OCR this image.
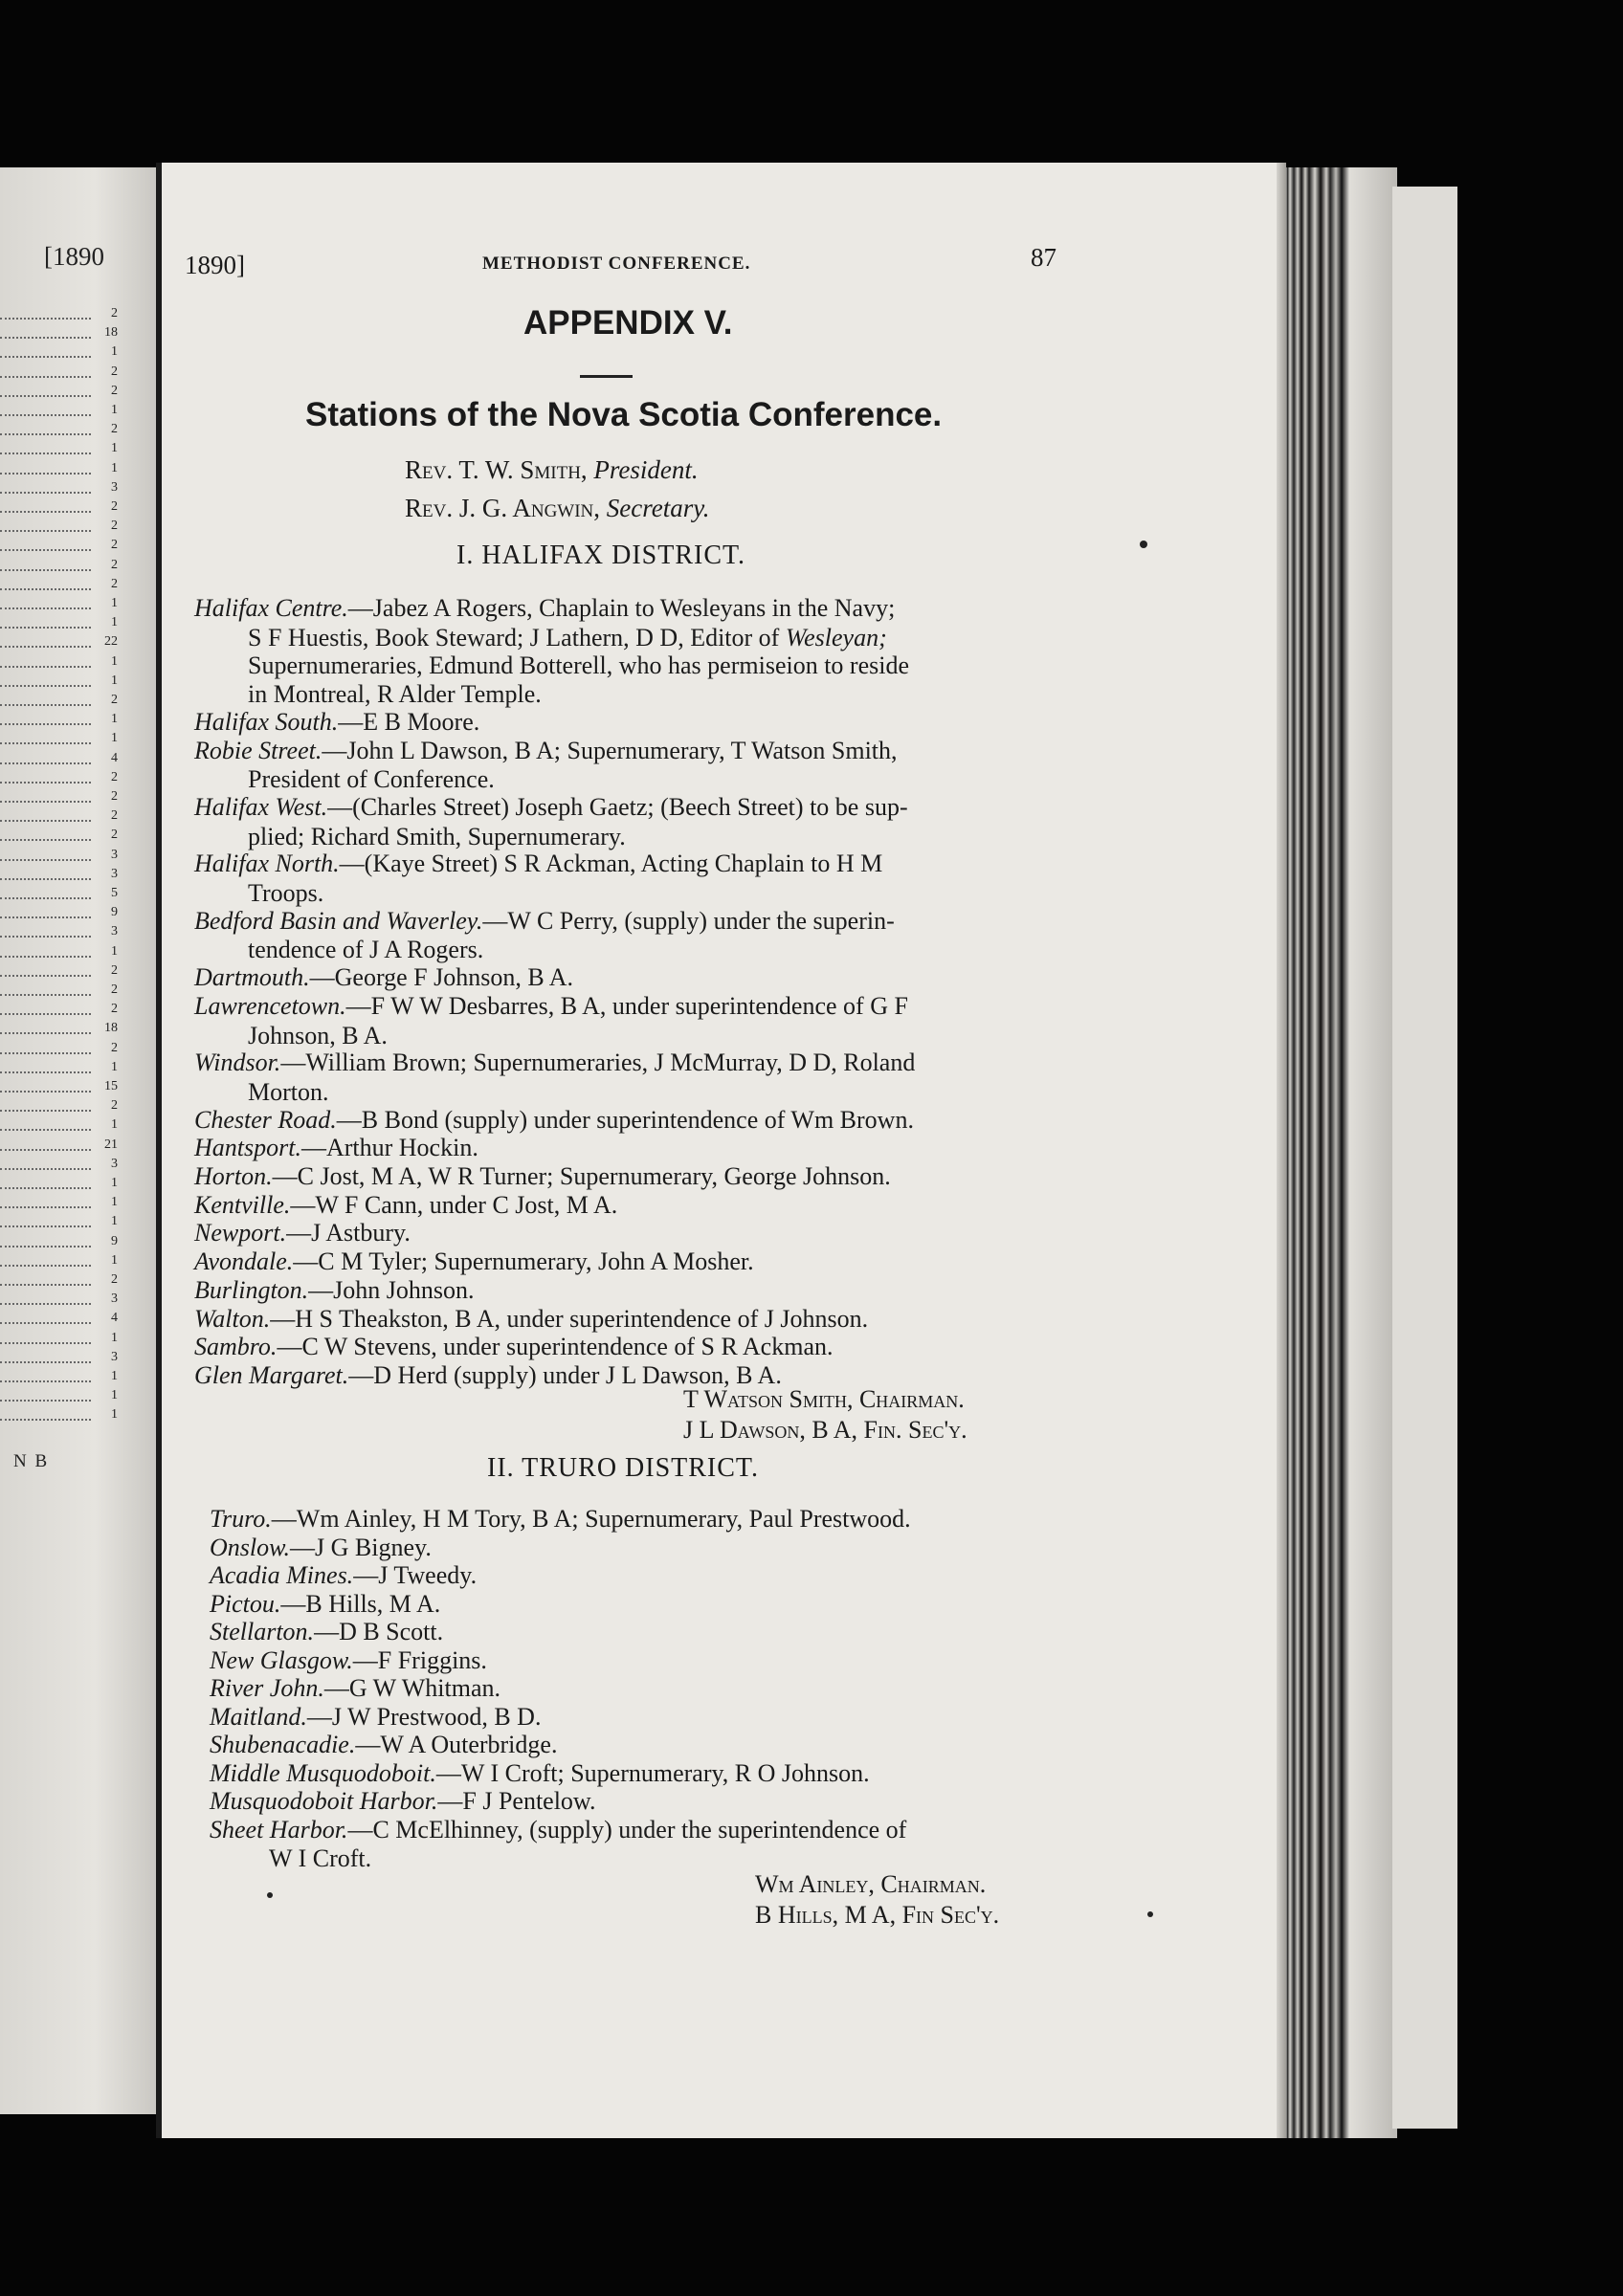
[1890
2
18
1
2
2
1
2
1
1
3
2
2
2
2
2
1
1
22
1
1
2
1
1
4
2
2
2
2
3
3
5
9
3
1
2
2
2
18
2
1
15
2
1
21
3
1
1
1
9
1
2
3
4
1
3
1
1
1
N B
1890]	METHODIST CONFERENCE.	87
APPENDIX V.
Stations of the Nova Scotia Conference.
Rev. T. W. Smith, President.
Rev. J. G. Angwin, Secretary.
I. HALIFAX DISTRICT.
Halifax Centre.—Jabez A Rogers, Chaplain to Wesleyans in the Navy;
S F Huestis, Book Steward; J Lathern, D D, Editor of Wesleyan;
Supernumeraries, Edmund Botterell, who has permiseion to reside
in Montreal, R Alder Temple.
Halifax South.—E B Moore.
Robie Street.—John L Dawson, B A; Supernumerary, T Watson Smith,
President of Conference.
Halifax West.—(Charles Street) Joseph Gaetz; (Beech Street) to be sup-
plied; Richard Smith, Supernumerary.
Halifax North.—(Kaye Street) S R Ackman, Acting Chaplain to H M
Troops.
Bedford Basin and Waverley.—W C Perry, (supply) under the superin-
tendence of J A Rogers.
Dartmouth.—George F Johnson, B A.
Lawrencetown.—F W W Desbarres, B A, under superintendence of G F
Johnson, B A.
Windsor.—William Brown; Supernumeraries, J McMurray, D D, Roland
Morton.
Chester Road.—B Bond (supply) under superintendence of Wm Brown.
Hantsport.—Arthur Hockin.
Horton.—C Jost, M A, W R Turner; Supernumerary, George Johnson.
Kentville.—W F Cann, under C Jost, M A.
Newport.—J Astbury.
Avondale.—C M Tyler; Supernumerary, John A Mosher.
Burlington.—John Johnson.
Walton.—H S Theakston, B A, under superintendence of J Johnson.
Sambro.—C W Stevens, under superintendence of S R Ackman.
Glen Margaret.—D Herd (supply) under J L Dawson, B A.
T Watson Smith, Chairman.
J L Dawson, B A, Fin. Sec'y.
II. TRURO DISTRICT.
Truro.—Wm Ainley, H M Tory, B A; Supernumerary, Paul Prestwood.
Onslow.—J G Bigney.
Acadia Mines.—J Tweedy.
Pictou.—B Hills, M A.
Stellarton.—D B Scott.
New Glasgow.—F Friggins.
River John.—G W Whitman.
Maitland.—J W Prestwood, B D.
Shubenacadie.—W A Outerbridge.
Middle Musquodoboit.—W I Croft; Supernumerary, R O Johnson.
Musquodoboit Harbor.—F J Pentelow.
Sheet Harbor.—C McElhinney, (supply) under the superintendence of
W I Croft.
Wm Ainley, Chairman.
B Hills, M A, Fin Sec'y.
